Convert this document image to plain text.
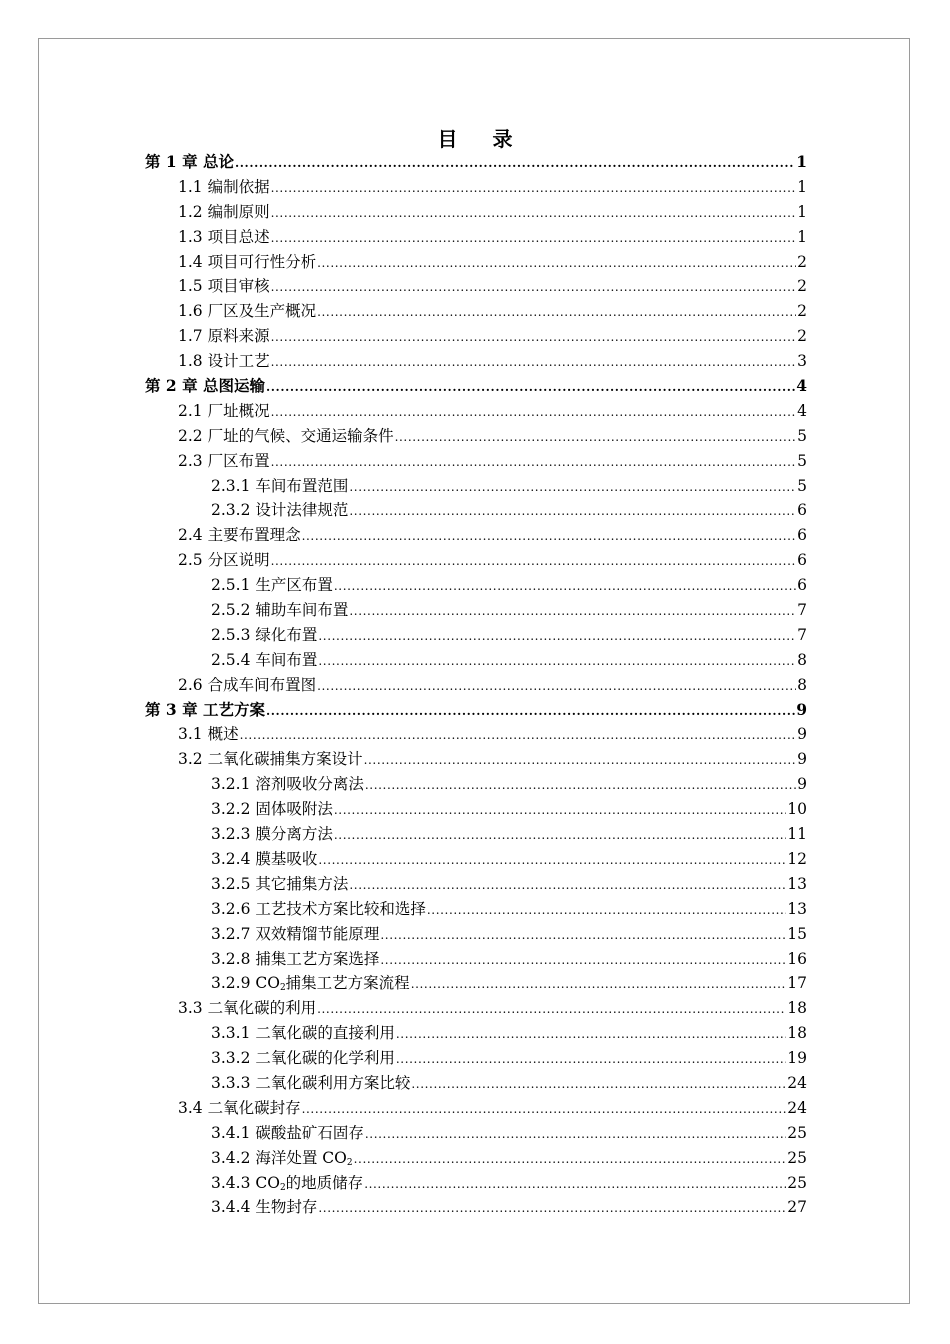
目 录
第 1 章 总论 .....	1
1.1 编制依据 .....	1
1.2 编制原则 .....	1
1.3 项目总述 .....	1
1.4 项目可行性分析 .....	2
1.5 项目审核 .....	2
1.6 厂区及生产概况 .....	2
1.7 原料来源 .....	2
1.8 设计工艺 .....	3
第 2 章 总图运输 .....	4
2.1 厂址概况 .....	4
2.2 厂址的气候、交通运输条件 .....	5
2.3 厂区布置 .....	5
2.3.1 车间布置范围 .....	5
2.3.2 设计法律规范 .....	6
2.4 主要布置理念 .....	6
2.5 分区说明 .....	6
2.5.1 生产区布置 .....	6
2.5.2 辅助车间布置 .....	7
2.5.3 绿化布置 .....	7
2.5.4 车间布置 .....	8
2.6 合成车间布置图 .....	8
第 3 章 工艺方案 .....	9
3.1 概述 .....	9
3.2 二氧化碳捕集方案设计 .....	9
3.2.1 溶剂吸收分离法 .....	9
3.2.2 固体吸附法 .....	10
3.2.3 膜分离方法 .....	11
3.2.4 膜基吸收 .....	12
3.2.5 其它捕集方法 .....	13
3.2.6 工艺技术方案比较和选择 .....	13
3.2.7 双效精馏节能原理 .....	15
3.2.8 捕集工艺方案选择 .....	16
3.2.9 $CO_2$捕集工艺方案流程 .....	17
3.3 二氧化碳的利用 .....	18
3.3.1 二氧化碳的直接利用 .....	18
3.3.2 二氧化碳的化学利用 .....	19
3.3.3 二氧化碳利用方案比较 .....	24
3.4 二氧化碳封存 .....	24
3.4.1 碳酸盐矿石固存 .....	25
3.4.2 海洋处置 $CO_2$ .....	25
3.4.3 $CO_2$的地质储存 .....	25
3.4.4 生物封存 .....	27
